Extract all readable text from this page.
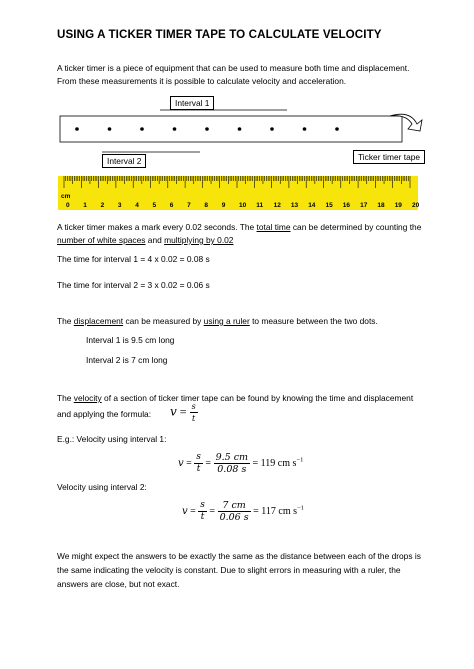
USING A TICKER TIMER TAPE TO CALCULATE VELOCITY
A ticker timer is a piece of equipment that can be used to measure both time and displacement.
From these measurements it is possible to calculate velocity and acceleration.
Interval 1
Interval 2	Ticker timer tape
cm
0 1 2 3 4 5 6 7 8 9 10 11 12 13 14 15 16 17 18 19 20
A ticker timer makes a mark every 0.02 seconds. The total time can be determined by counting the
number of white spaces and multiplying by 0.02
The time for interval 1 = 4 x 0.02 = 0.08 s
The time for interval 2 = 3 x 0.02 = 0.06 s
The displacement can be measured by using a ruler to measure between the two dots.
Interval 1 is 9.5 cm long
Interval 2 is 7 cm long
The velocity of a section of ticker timer tape can be found by knowing the time and displacement
and applying the formula: $v = \frac{s}{t}$
E.g.: Velocity using interval 1:
$v = \frac{s}{t} = \frac{9.5 cm}{0.08 s} = 119$ cm $s^{-1}$
Velocity using interval 2:
$v = \frac{s}{t} = \frac{7 cm}{0.06 s} = 117$ cm $s^{-1}$
We might expect the answers to be exactly the same as the distance between each of the drops is
the same indicating the velocity is constant. Due to slight errors in measuring with a ruler, the
answers are close, but not exact.
